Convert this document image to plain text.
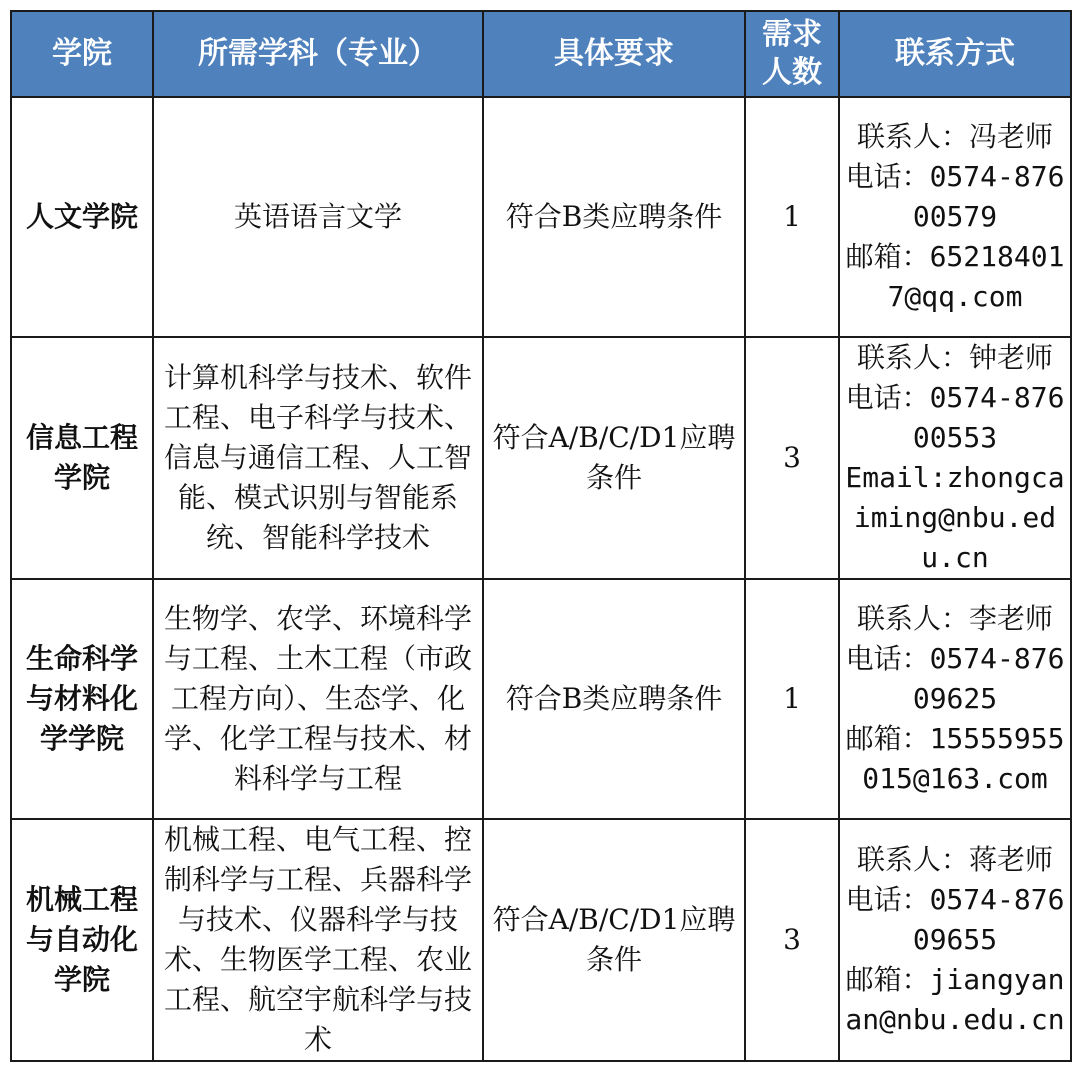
学院	所需学科（专业）	具体要求	需求人数	联系方式
人文学院	英语语言文学	符合B类应聘条件	1	联系人：冯老师
电话：0574-87600579
邮箱：652184017@qq.com

信息工程学院	计算机科学与技术、软件工程、电子科学与技术、信息与通信工程、人工智能、模式识别与智能系统、智能科学技术	符合A/B/C/D1应聘条件	3	联系人：钟老师
电话：0574-87600553
Email:zhongcaiming@nbu.edu.cn

生命科学与材料化学学院	生物学、农学、环境科学与工程、土木工程（市政工程方向）、生态学、化学、化学工程与技术、材料科学与工程	符合B类应聘条件	1	联系人：李老师
电话：0574-87609625
邮箱：15555955015@163.com

机械工程与自动化学院	机械工程、电气工程、控制科学与工程、兵器科学与技术、仪器科学与技术、生物医学工程、农业工程、航空宇航科学与技术	符合A/B/C/D1应聘条件	3	联系人：蒋老师
电话：0574-87609655
邮箱：jiangyanan@nbu.edu.cn
